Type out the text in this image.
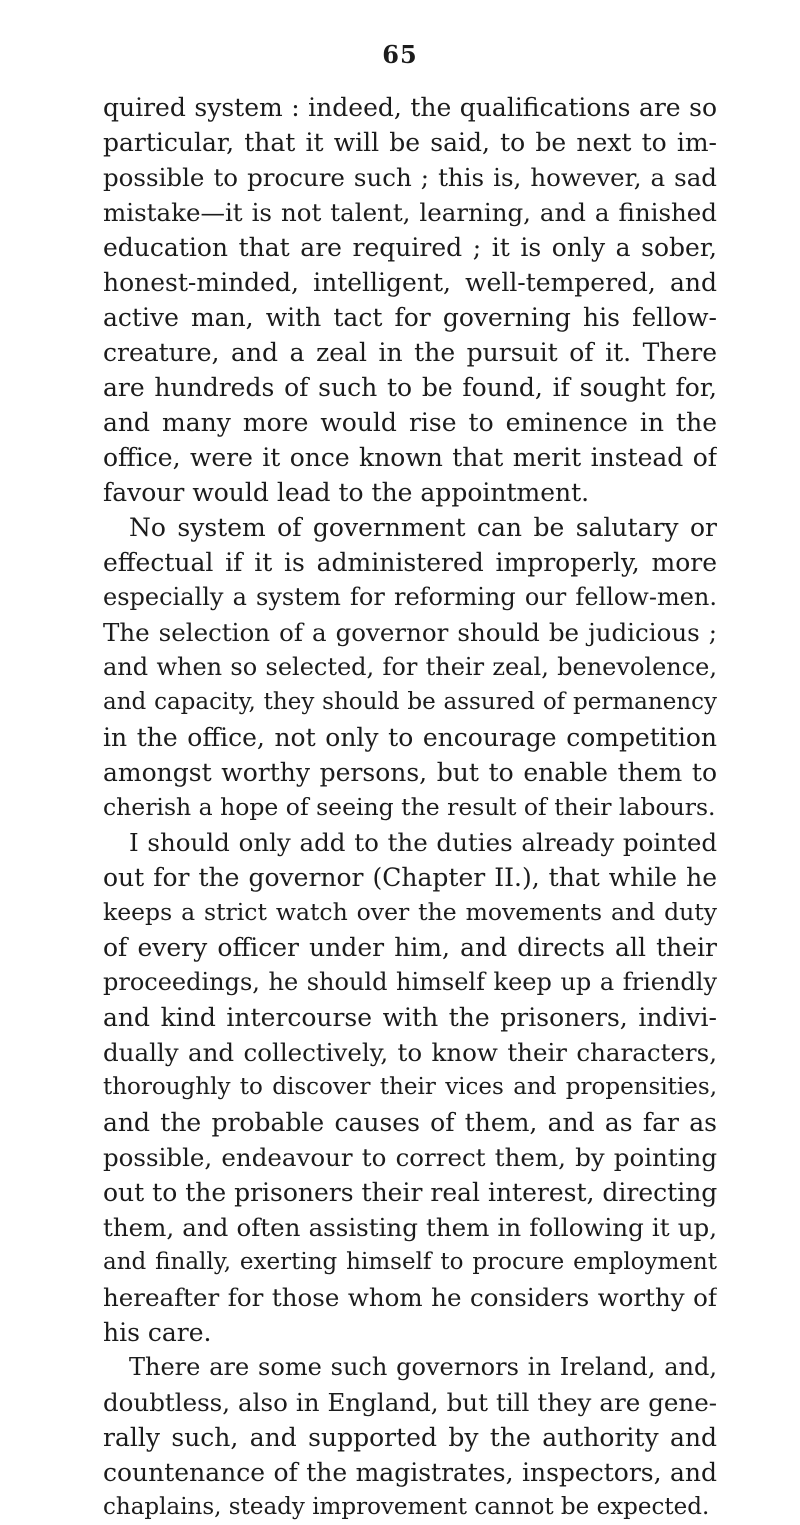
65
quired system : indeed, the qualifications are so
particular, that it will be said, to be next to im-
possible to procure such ; this is, however, a sad
mistake—it is not talent, learning, and a finished
education that are required ; it is only a sober,
honest-minded, intelligent, well-tempered, and
active man, with tact for governing his fellow-
creature, and a zeal in the pursuit of it. There
are hundreds of such to be found, if sought for,
and many more would rise to eminence in the
office, were it once known that merit instead of
favour would lead to the appointment.
No system of government can be salutary or
effectual if it is administered improperly, more
especially a system for reforming our fellow-men.
The selection of a governor should be judicious ;
and when so selected, for their zeal, benevolence,
and capacity, they should be assured of permanency
in the office, not only to encourage competition
amongst worthy persons, but to enable them to
cherish a hope of seeing the result of their labours.
I should only add to the duties already pointed
out for the governor (Chapter II.), that while he
keeps a strict watch over the movements and duty
of every officer under him, and directs all their
proceedings, he should himself keep up a friendly
and kind intercourse with the prisoners, indivi-
dually and collectively, to know their characters,
thoroughly to discover their vices and propensities,
and the probable causes of them, and as far as
possible, endeavour to correct them, by pointing
out to the prisoners their real interest, directing
them, and often assisting them in following it up,
and finally, exerting himself to procure employment
hereafter for those whom he considers worthy of
his care.
There are some such governors in Ireland, and,
doubtless, also in England, but till they are gene-
rally such, and supported by the authority and
countenance of the magistrates, inspectors, and
chaplains, steady improvement cannot be expected.
